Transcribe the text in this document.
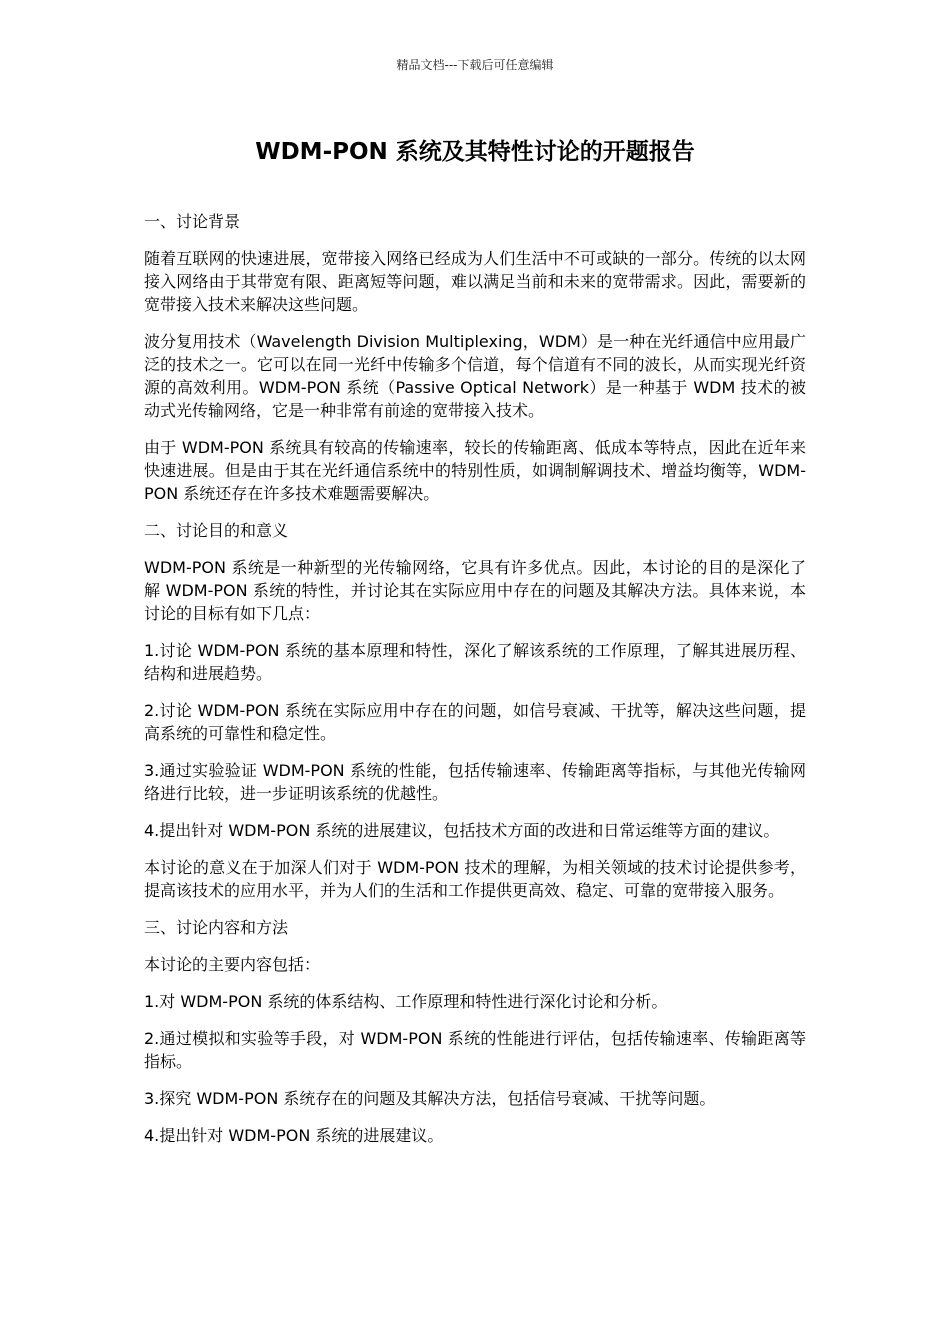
精品文档---下载后可任意编辑
WDM-PON 系统及其特性讨论的开题报告

一、讨论背景

随着互联网的快速进展，宽带接入网络已经成为人们生活中不可或缺的一部分。传统的以太网接入网络由于其带宽有限、距离短等问题，难以满足当前和未来的宽带需求。因此，需要新的宽带接入技术来解决这些问题。

波分复用技术（Wavelength Division Multiplexing，WDM）是一种在光纤通信中应用最广泛的技术之一。它可以在同一光纤中传输多个信道，每个信道有不同的波长，从而实现光纤资源的高效利用。WDM-PON 系统（Passive Optical Network）是一种基于 WDM 技术的被动式光传输网络，它是一种非常有前途的宽带接入技术。

由于 WDM-PON 系统具有较高的传输速率，较长的传输距离、低成本等特点，因此在近年来快速进展。但是由于其在光纤通信系统中的特别性质，如调制解调技术、增益均衡等，WDM-PON 系统还存在许多技术难题需要解决。

二、讨论目的和意义

WDM-PON 系统是一种新型的光传输网络，它具有许多优点。因此，本讨论的目的是深化了解 WDM-PON 系统的特性，并讨论其在实际应用中存在的问题及其解决方法。具体来说，本讨论的目标有如下几点：

1.讨论 WDM-PON 系统的基本原理和特性，深化了解该系统的工作原理，了解其进展历程、结构和进展趋势。

2.讨论 WDM-PON 系统在实际应用中存在的问题，如信号衰减、干扰等，解决这些问题，提高系统的可靠性和稳定性。

3.通过实验验证 WDM-PON 系统的性能，包括传输速率、传输距离等指标，与其他光传输网络进行比较，进一步证明该系统的优越性。

4.提出针对 WDM-PON 系统的进展建议，包括技术方面的改进和日常运维等方面的建议。

本讨论的意义在于加深人们对于 WDM-PON 技术的理解，为相关领域的技术讨论提供参考，提高该技术的应用水平，并为人们的生活和工作提供更高效、稳定、可靠的宽带接入服务。

三、讨论内容和方法

本讨论的主要内容包括：

1.对 WDM-PON 系统的体系结构、工作原理和特性进行深化讨论和分析。

2.通过模拟和实验等手段，对 WDM-PON 系统的性能进行评估，包括传输速率、传输距离等指标。

3.探究 WDM-PON 系统存在的问题及其解决方法，包括信号衰减、干扰等问题。

4.提出针对 WDM-PON 系统的进展建议。
